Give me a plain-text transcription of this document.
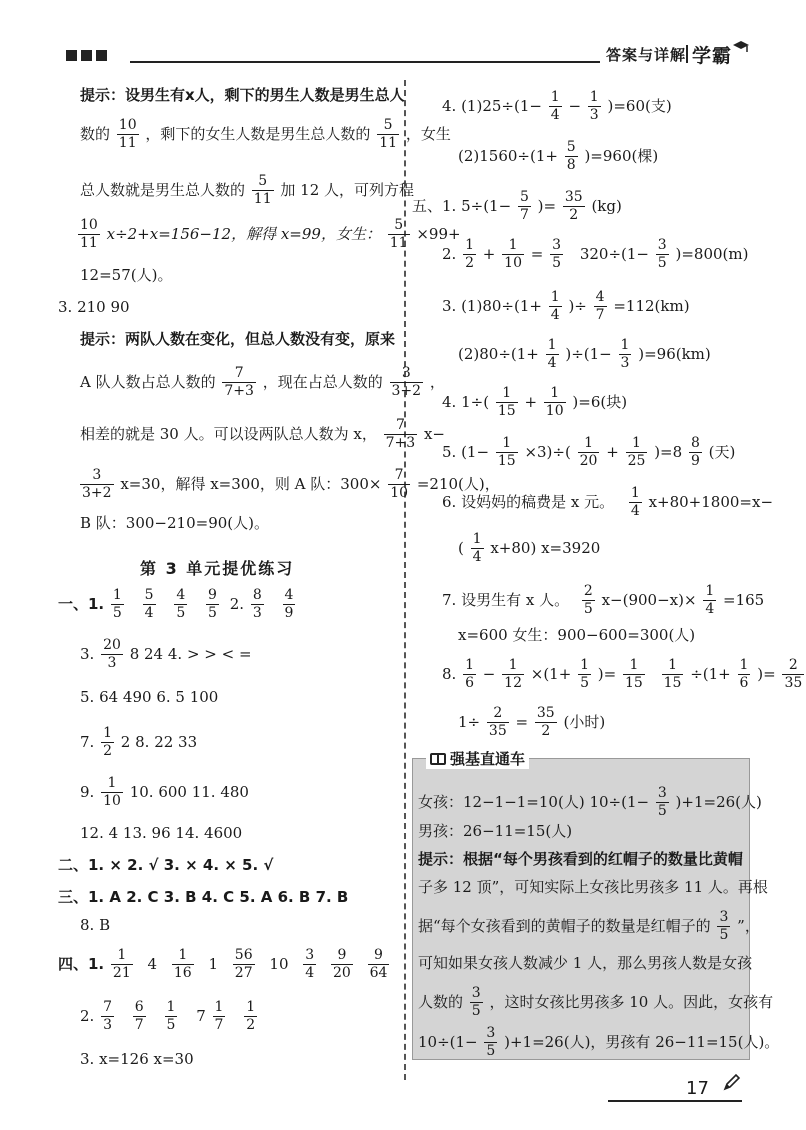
答案与详解 学霸
提示：设男生有x人，剩下的男生人数是男生总人
数的 $\frac{10}{11}$ ，剩下的女生人数是男生总人数的 $\frac{5}{11}$ ，女生
总人数就是男生总人数的 $\frac{5}{11}$ 加 12 人，可列方程
$\frac{10}{11} x\div 2+x=156-12$，解得 x=99，女生： $\frac{5}{11} \times 99+$
12=57(人)。
3. 210 90
提示：两队人数在变化，但总人数没有变，原来
A 队人数占总人数的 $\frac{7}{7+3}$ ，现在占总人数的 $\frac{3}{3+2}$ ，
相差的就是 30 人。可以设两队总人数为 x， $\frac{7}{7+3} x-$
$\frac{3}{3+2} x=30$，解得 x=300，则 A 队：$300\times \frac{7}{10} =210$(人)，
B 队：300−210=90(人)。
第 3 单元提优练习
一、1. $\frac{1}{5}$
$\frac{5}{4}$
$\frac{4}{5}$
$\frac{9}{5} 2$. $\frac{8}{3}$
$\frac{4}{9}$
3. $\frac{20}{3} 8$ 24 4. > > < =
5. 64 490 6. 5 100
7. $\frac{1}{2} 2$ 8. 22 33
9. $\frac{1}{10} 10$. 600 11. 480
12. 4 13. 96 14. 4600
二、1. × 2. √ 3. × 4. × 5. √
三、1. A 2. C 3. B 4. C 5. A 6. B 7. B
8. B
四、1. $\frac{1}{21} 4 \frac{1}{16} 1 \frac{56}{27} 10 \frac{3}{4}$
$\frac{9}{20}$
$\frac{9}{64}$
2. $\frac{7}{3}$
$\frac{6}{7}$
$\frac{1}{5} 7 \frac{1}{7}$
$\frac{1}{2}$
3. x=126 x=30
4. $(1)25\div(1- \frac{1}{4} - \frac{1}{3} )=60$(支)
$(2)1560\div(1+ \frac{5}{8} )=960$(棵)
五、1. $5\div(1- \frac{5}{7}$ )= $\frac{35}{2} (kg)$
2. $\frac{1}{2} + \frac{1}{10} = \frac{3}{5} 320\div(1- \frac{3}{5} )=800(m)$
3. $(1)80\div(1+ \frac{1}{4}$ )÷ $\frac{4}{7} =112(km)$
$(2)80\div(1+ \frac{1}{4} )\div(1- \frac{1}{3} )=96(km)$
4. $1\div( \frac{1}{15} + \frac{1}{10} )=6$(块)
5. $(1- \frac{1}{15} \times 3)\div( \frac{1}{20} + \frac{1}{25} )=8 \frac{8}{9}$ (天)
6. 设妈妈的稿费是 x 元。 $\frac{1}{4} x+80+1800=x-$
( $\frac{1}{4} x+80$) x=3920
7. 设男生有 x 人。 $\frac{2}{5} x-(900-x)\times \frac{1}{4} =165$
x=600 女生：900−600=300(人)
8. $\frac{1}{6} - \frac{1}{12} \times(1+ \frac{1}{5}$ )= $\frac{1}{15}$
$\frac{1}{15} \div(1+ \frac{1}{6}$ )= $\frac{2}{35}$
$1\div \frac{2}{35} = \frac{35}{2}$ (小时)
强基直通车
女孩：12−1−1=10(人) $10\div(1- \frac{3}{5} )+1=26$(人)
男孩：26−11=15(人)
提示：根据“每个男孩看到的红帽子的数量比黄帽
子多 12 顶”，可知实际上女孩比男孩多 11 人。再根
据“每个女孩看到的黄帽子的数量是红帽子的 $\frac{3}{5}$ ”，
可知如果女孩人数减少 1 人，那么男孩人数是女孩
人数的 $\frac{3}{5}$ ，这时女孩比男孩多 10 人。因此，女孩有
$10\div(1- \frac{3}{5} )+1=26$(人)，男孩有 26−11=15(人)。
17
